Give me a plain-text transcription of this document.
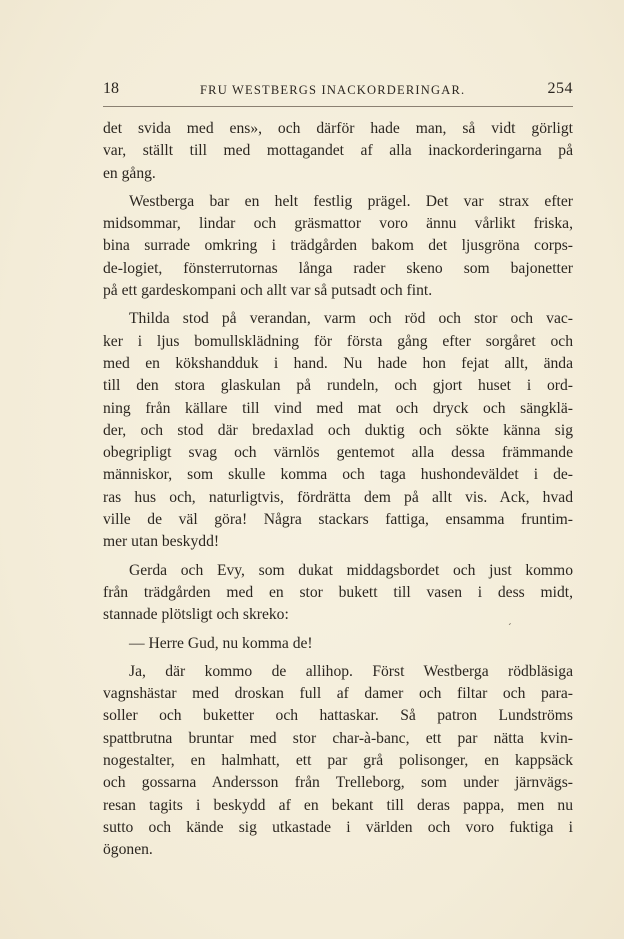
18	FRU WESTBERGS INACKORDERINGAR.	254
det svida med ens», och därför hade man, så vidt görligt
var, ställt till med mottagandet af alla inackorderingarna på
en gång.
Westberga bar en helt festlig prägel. Det var strax efter
midsommar, lindar och gräsmattor voro ännu vårlikt friska,
bina surrade omkring i trädgården bakom det ljusgröna corps-
de-logiet, fönsterrutornas långa rader skeno som bajonetter
på ett gardeskompani och allt var så putsadt och fint.
Thilda stod på verandan, varm och röd och stor och vac-
ker i ljus bomullsklädning för första gång efter sorgåret och
med en kökshandduk i hand. Nu hade hon fejat allt, ända
till den stora glaskulan på rundeln, och gjort huset i ord-
ning från källare till vind med mat och dryck och sängklä-
der, och stod där bredaxlad och duktig och sökte känna sig
obegripligt svag och värnlös gentemot alla dessa främmande
människor, som skulle komma och taga hushondeväldet i de-
ras hus och, naturligtvis, fördrätta dem på allt vis. Ack, hvad
ville de väl göra! Några stackars fattiga, ensamma fruntim-
mer utan beskydd!
Gerda och Evy, som dukat middagsbordet och just kommo
från trädgården med en stor bukett till vasen i dess midt,
stannade plötsligt och skreko:
— Herre Gud, nu komma de!
Ja, där kommo de allihop. Först Westberga rödbläsiga
vagnshästar med droskan full af damer och filtar och para-
soller och buketter och hattaskar. Så patron Lundströms
spattbrutna bruntar med stor char-à-banc, ett par nätta kvin-
nogestalter, en halmhatt, ett par grå polisonger, en kappsäck
och gossarna Andersson från Trelleborg, som under järnvägs-
resan tagits i beskydd af en bekant till deras pappa, men nu
sutto och kände sig utkastade i världen och voro fuktiga i
ögonen.
ˊ
